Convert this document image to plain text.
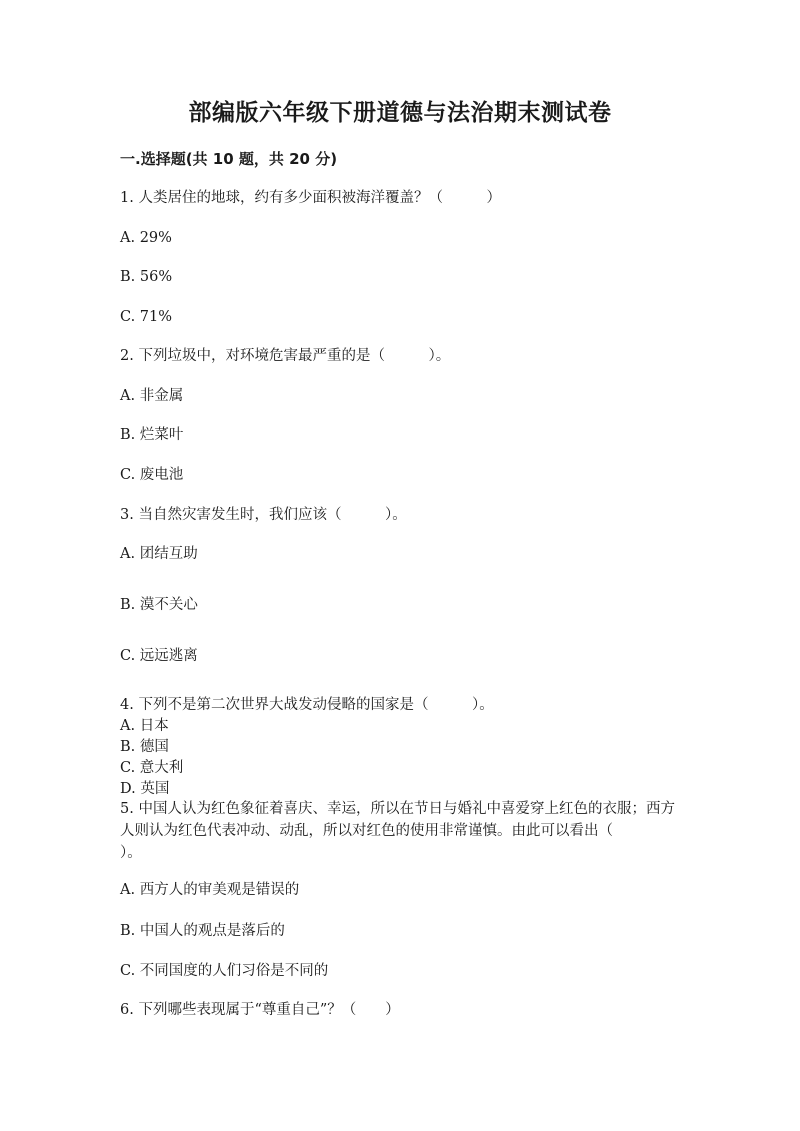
部编版六年级下册道德与法治期末测试卷
一.选择题(共 10 题，共 20 分)
1. 人类居住的地球，约有多少面积被海洋覆盖？（　　　）
A. 29%
B. 56%
C. 71%
2. 下列垃圾中，对环境危害最严重的是（　　　）。
A. 非金属
B. 烂菜叶
C. 废电池
3. 当自然灾害发生时，我们应该（　　　）。
A. 团结互助
B. 漠不关心
C. 远远逃离
4. 下列不是第二次世界大战发动侵略的国家是（　　　）。
A. 日本
B. 德国
C. 意大利
D. 英国
5. 中国人认为红色象征着喜庆、幸运，所以在节日与婚礼中喜爱穿上红色的衣服；西方人则认为红色代表冲动、动乱，所以对红色的使用非常谨慎。由此可以看出（　　　　）。
A. 西方人的审美观是错误的
B. 中国人的观点是落后的
C. 不同国度的人们习俗是不同的
6. 下列哪些表现属于“尊重自己”？（　　）
